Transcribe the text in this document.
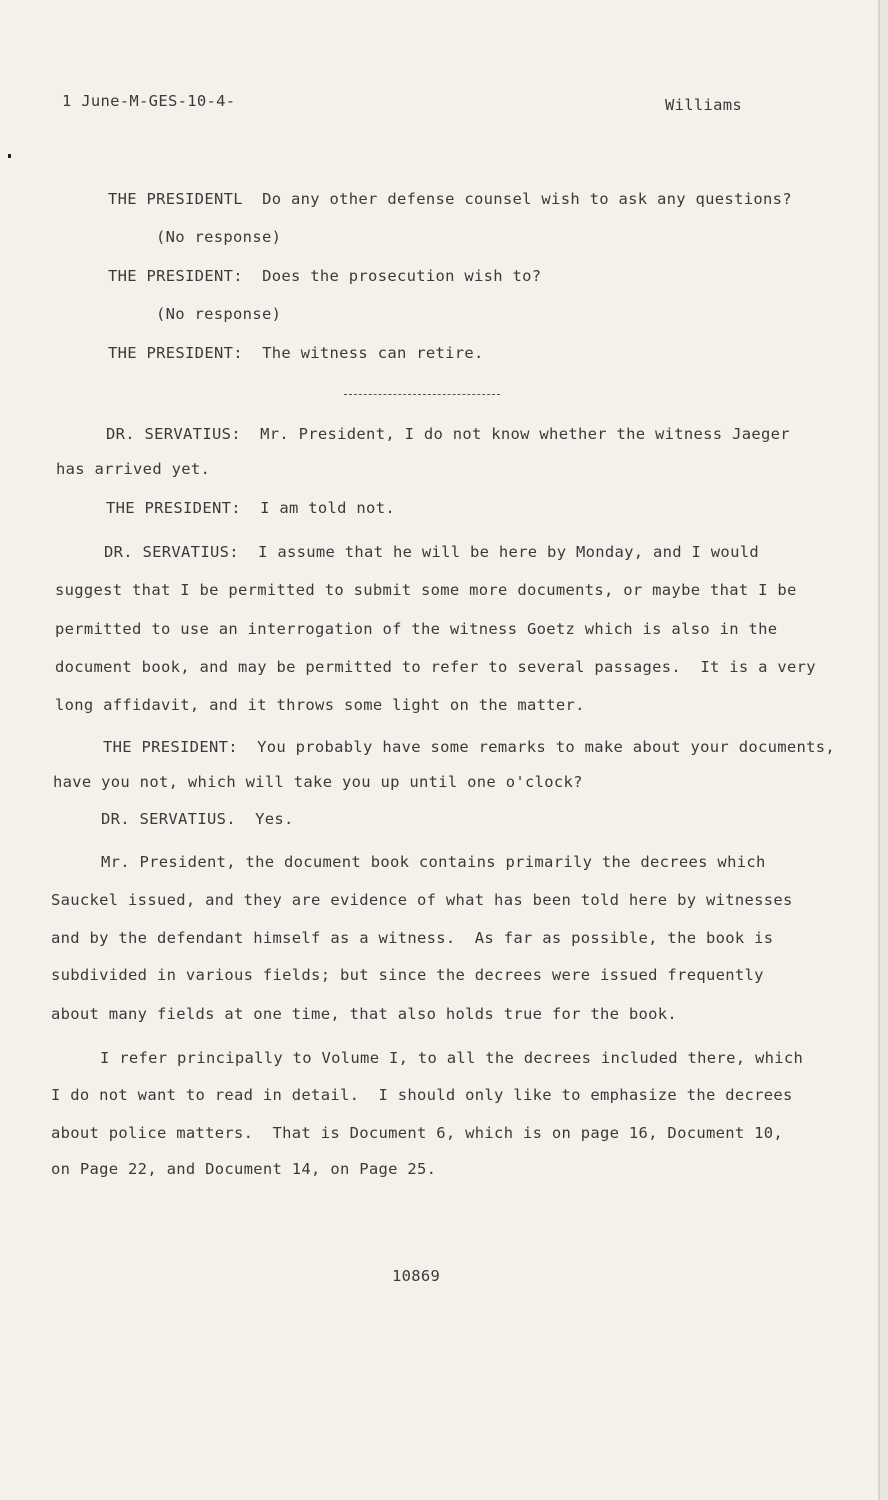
1 June-M-GES-10-4-	Williams
THE PRESIDENTL  Do any other defense counsel wish to ask any questions?
(No response)
THE PRESIDENT:  Does the prosecution wish to?
(No response)
THE PRESIDENT:  The witness can retire.
DR. SERVATIUS:  Mr. President, I do not know whether the witness Jaeger
has arrived yet.
THE PRESIDENT:  I am told not.
DR. SERVATIUS:  I assume that he will be here by Monday, and I would
suggest that I be permitted to submit some more documents, or maybe that I be
permitted to use an interrogation of the witness Goetz which is also in the
document book, and may be permitted to refer to several passages.  It is a very
long affidavit, and it throws some light on the matter.
THE PRESIDENT:  You probably have some remarks to make about your documents,
have you not, which will take you up until one o'clock?
DR. SERVATIUS.  Yes.
Mr. President, the document book contains primarily the decrees which
Sauckel issued, and they are evidence of what has been told here by witnesses
and by the defendant himself as a witness.  As far as possible, the book is
subdivided in various fields; but since the decrees were issued frequently
about many fields at one time, that also holds true for the book.
I refer principally to Volume I, to all the decrees included there, which
I do not want to read in detail.  I should only like to emphasize the decrees
about police matters.  That is Document 6, which is on page 16, Document 10,
on Page 22, and Document 14, on Page 25.
10869
